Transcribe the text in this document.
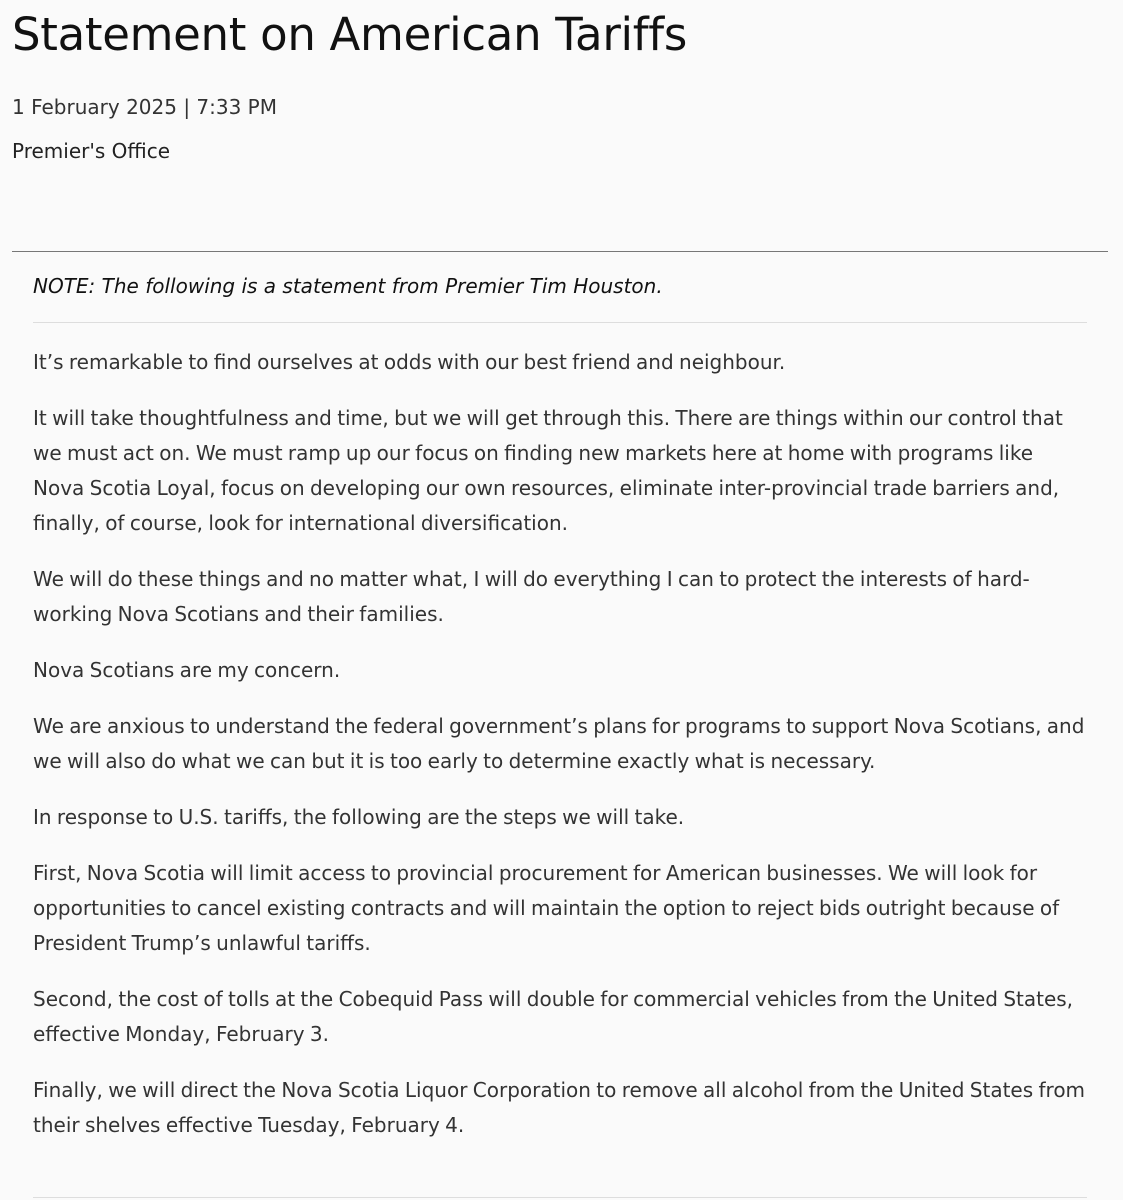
Statement on American Tariffs
1 February 2025 | 7:33 PM
Premier's Office

NOTE: The following is a statement from Premier Tim Houston.

It’s remarkable to find ourselves at odds with our best friend and neighbour.

It will take thoughtfulness and time, but we will get through this. There are things within our control that we must act on. We must ramp up our focus on finding new markets here at home with programs like Nova Scotia Loyal, focus on developing our own resources, eliminate inter-provincial trade barriers and, finally, of course, look for international diversification.

We will do these things and no matter what, I will do everything I can to protect the interests of hard-working Nova Scotians and their families.

Nova Scotians are my concern.

We are anxious to understand the federal government’s plans for programs to support Nova Scotians, and we will also do what we can but it is too early to determine exactly what is necessary.

In response to U.S. tariffs, the following are the steps we will take.

First, Nova Scotia will limit access to provincial procurement for American businesses. We will look for opportunities to cancel existing contracts and will maintain the option to reject bids outright because of President Trump’s unlawful tariffs.

Second, the cost of tolls at the Cobequid Pass will double for commercial vehicles from the United States, effective Monday, February 3.

Finally, we will direct the Nova Scotia Liquor Corporation to remove all alcohol from the United States from their shelves effective Tuesday, February 4.
